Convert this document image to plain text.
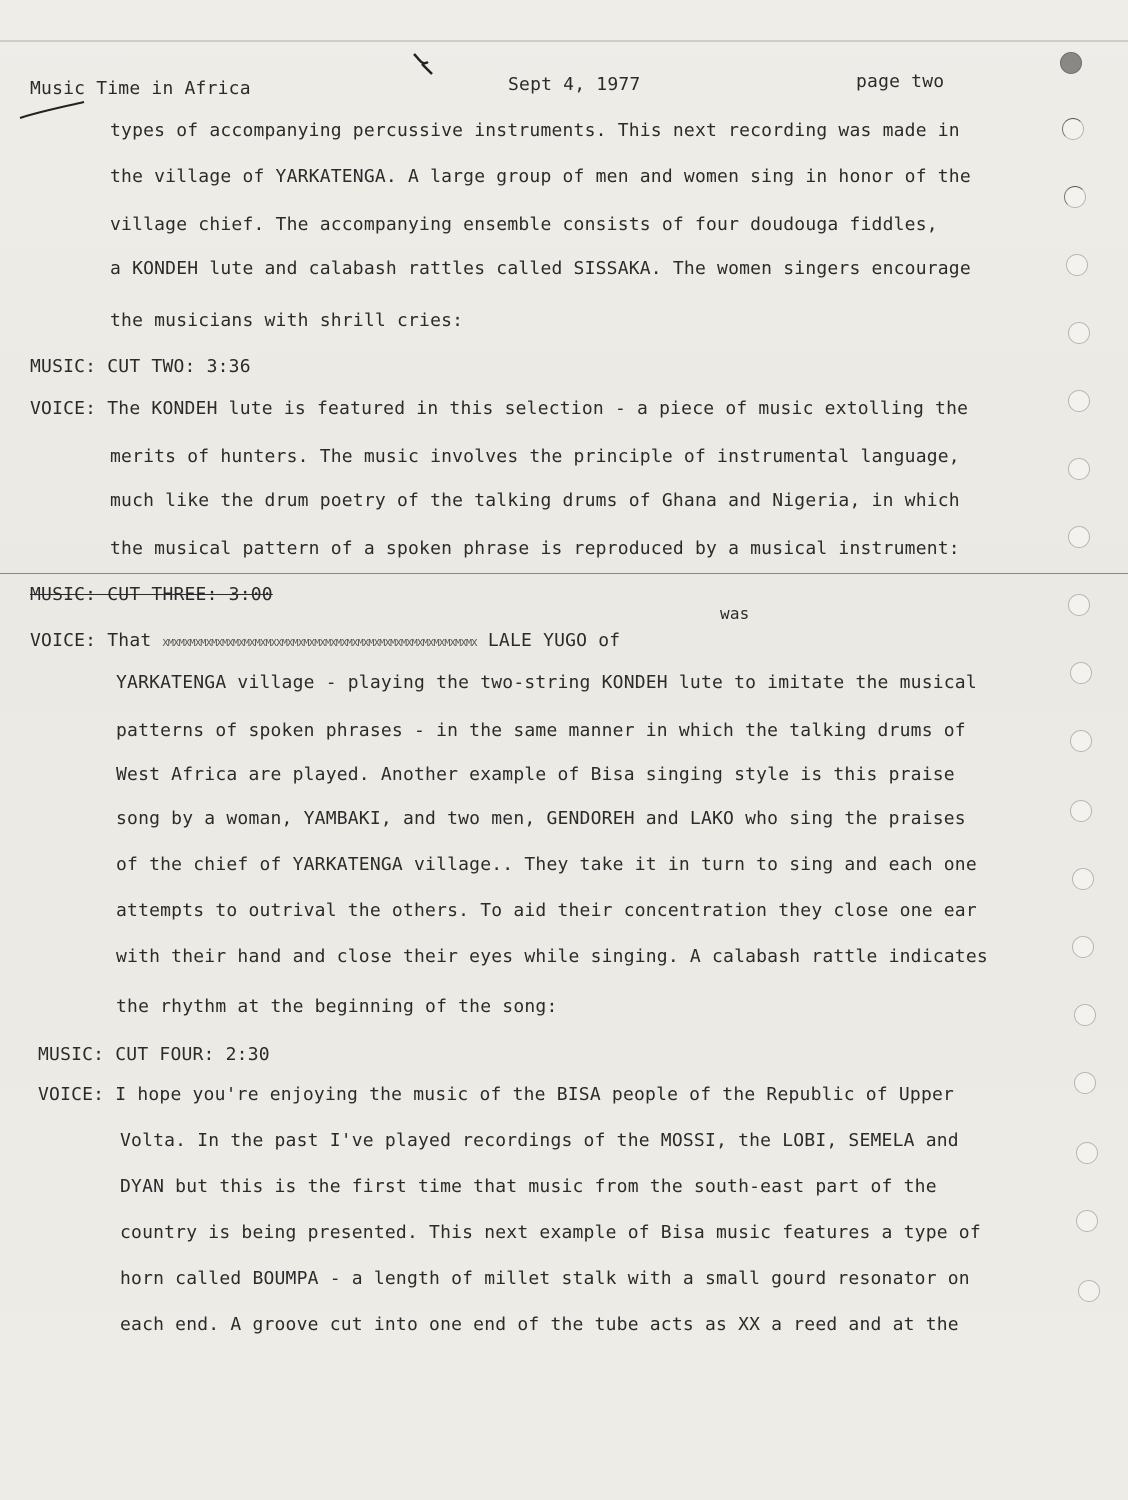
Music Time in Africa	Sept 4, 1977	page two
types of accompanying percussive instruments. This next recording was made in
the village of YARKATENGA. A large group of men and women sing in honor of the
village chief. The accompanying ensemble consists of four doudouga fiddles,
a KONDEH lute and calabash rattles called SISSAKA. The women singers encourage
the musicians with shrill cries:
MUSIC: CUT TWO: 3:36
VOICE: The KONDEH lute is featured in this selection - a piece of music extolling the
merits of hunters. The music involves the principle of instrumental language,
much like the drum poetry of the talking drums of Ghana and Nigeria, in which
the musical pattern of a spoken phrase is reproduced by a musical instrument:
MUSIC: CUT THREE: 3:00
was
VOICE: That XMXMXMXMXMXMXMXMXMXMXXMXMXMXMXMXMXMXMXMXMXMXMXMXMXMXMXMXMX LALE YUGO of
YARKATENGA village - playing the two-string KONDEH lute to imitate the musical
patterns of spoken phrases - in the same manner in which the talking drums of
West Africa are played. Another example of Bisa singing style is this praise
song by a woman, YAMBAKI, and two men, GENDOREH and LAKO who sing the praises
of the chief of YARKATENGA village.. They take it in turn to sing and each one
attempts to outrival the others. To aid their concentration they close one ear
with their hand and close their eyes while singing. A calabash rattle indicates
the rhythm at the beginning of the song:
MUSIC: CUT FOUR: 2:30
VOICE: I hope you're enjoying the music of the BISA people of the Republic of Upper
Volta. In the past I've played recordings of the MOSSI, the LOBI, SEMELA and
DYAN but this is the first time that music from the south-east part of the
country is being presented. This next example of Bisa music features a type of
horn called BOUMPA - a length of millet stalk with a small gourd resonator on
each end. A groove cut into one end of the tube acts as XX a reed and at the
